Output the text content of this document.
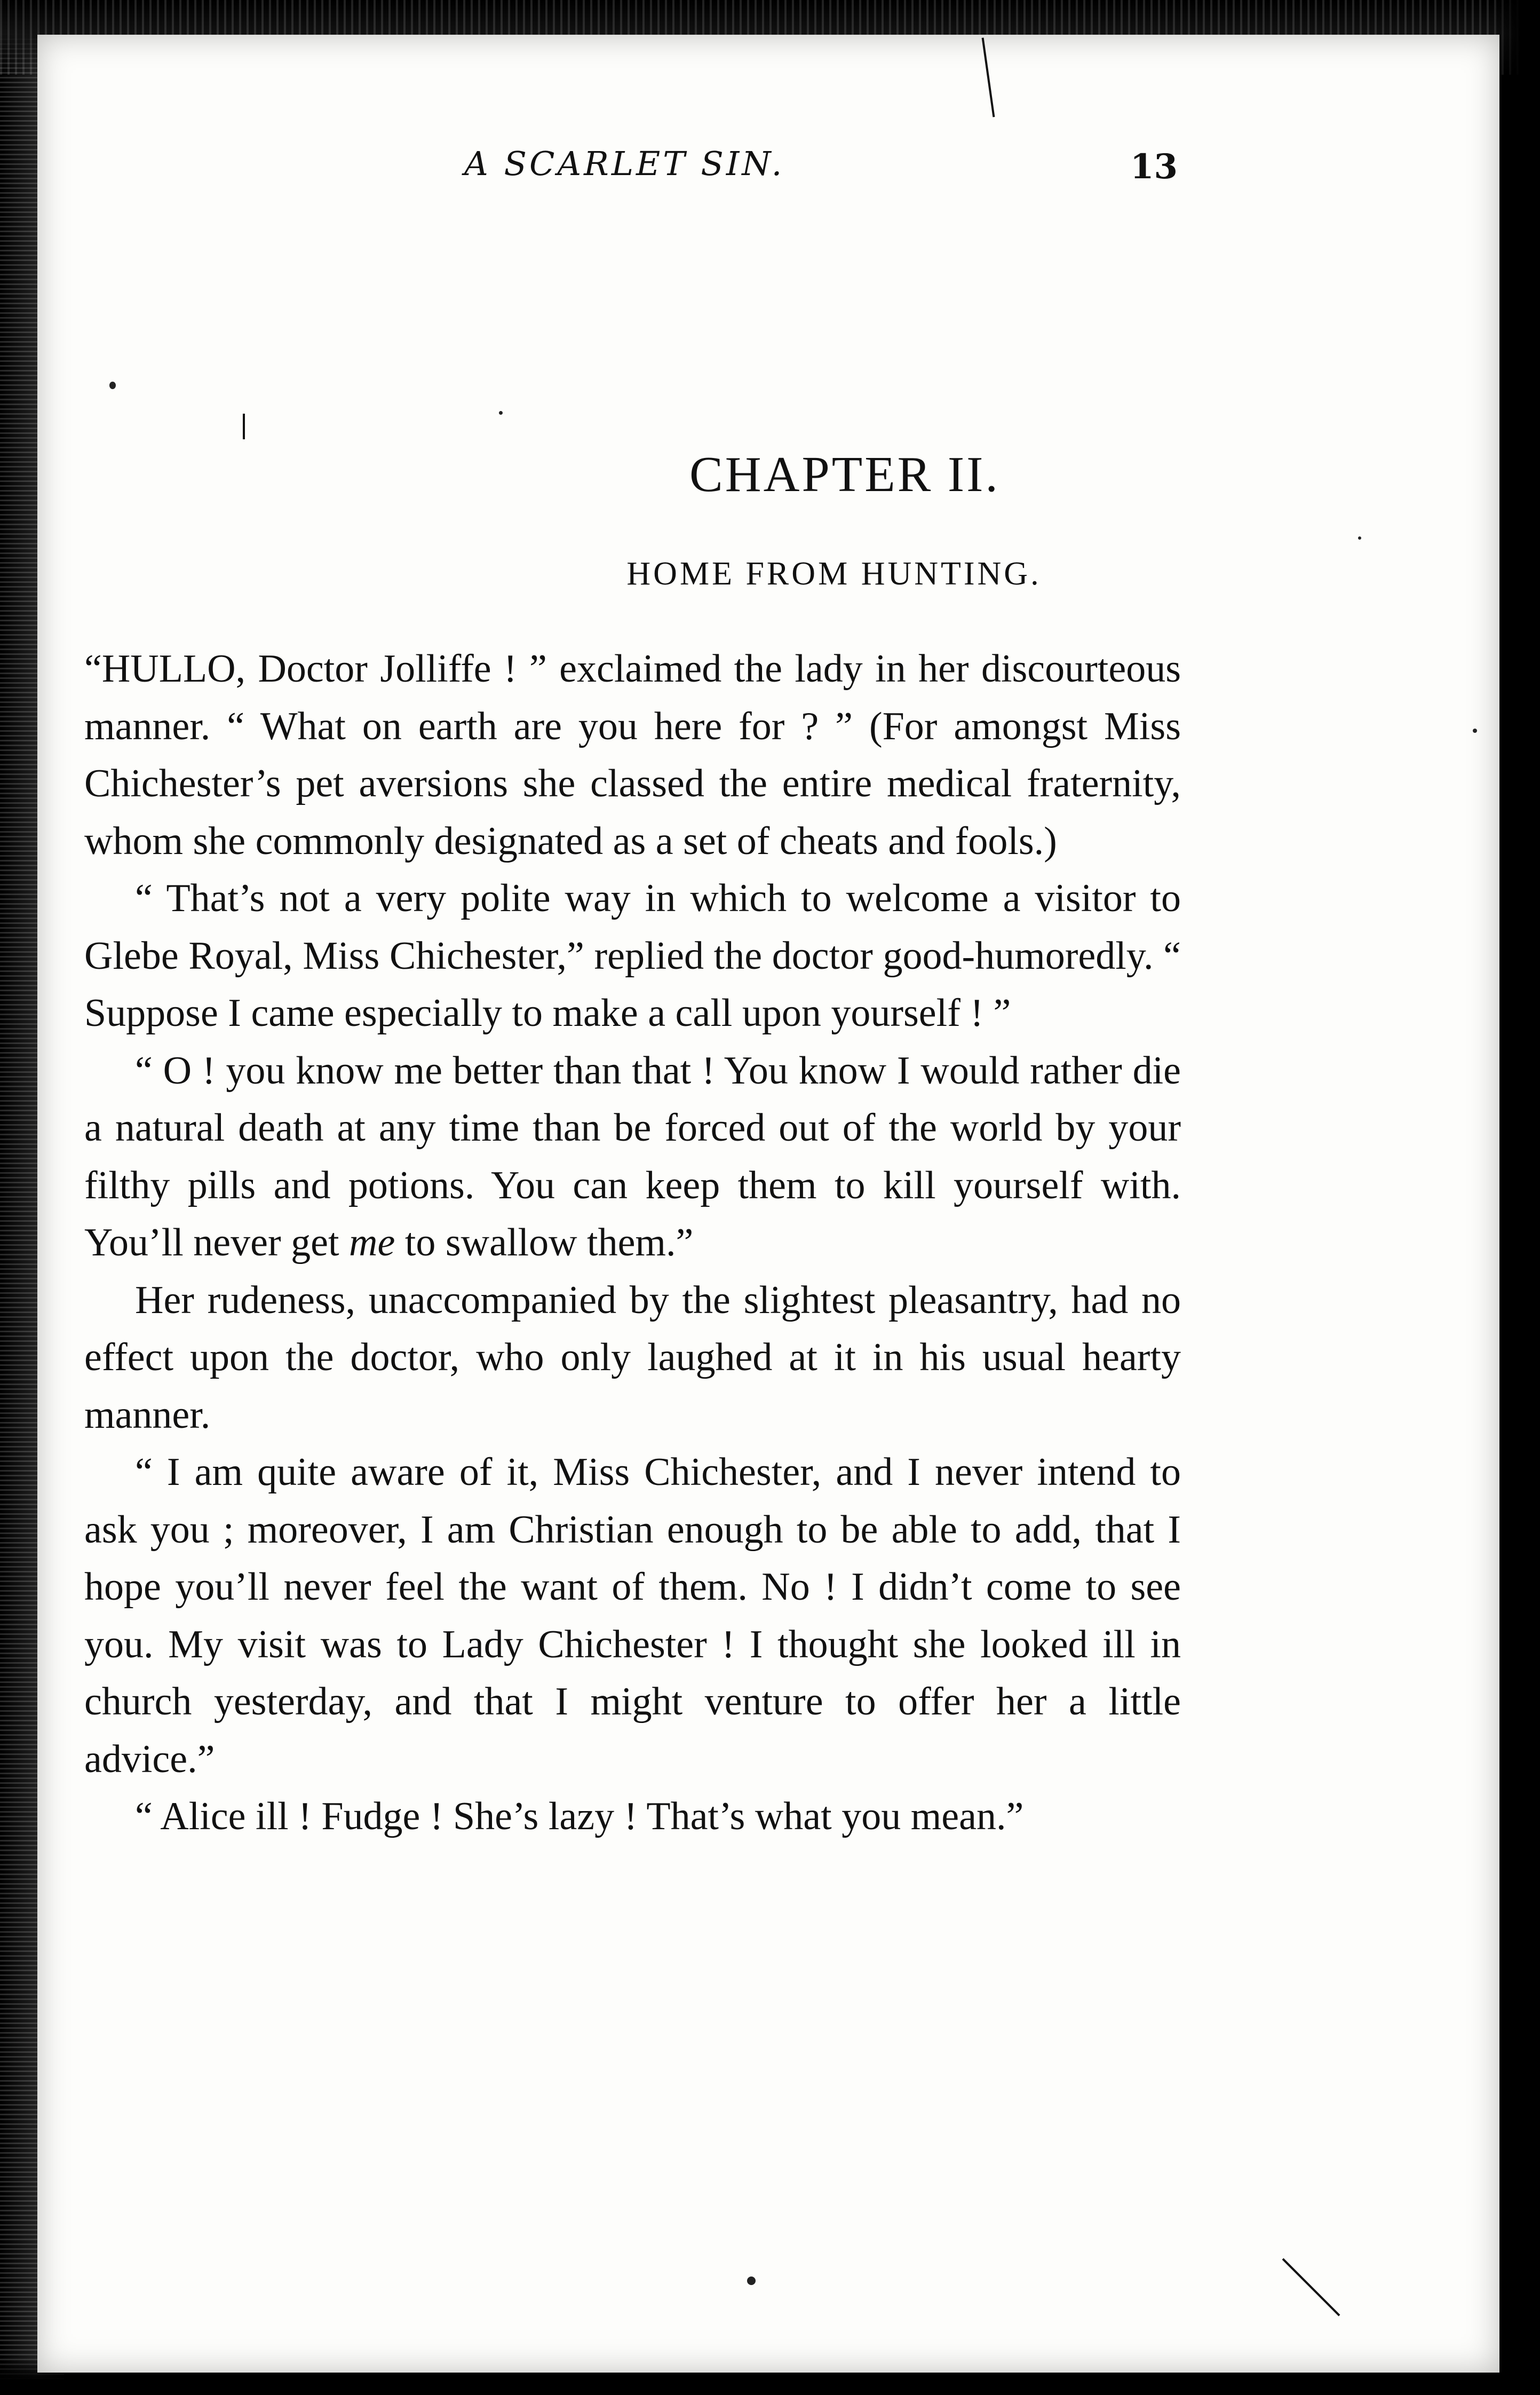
A SCARLET SIN.	13
CHAPTER II.
HOME FROM HUNTING.

“HULLO, Doctor Jolliffe ! ” exclaimed the lady in her discourteous manner. “ What on earth are you here for ? ” (For amongst Miss Chichester’s pet aversions she classed the entire medical fraternity, whom she commonly designated as a set of cheats and fools.)

“ That’s not a very polite way in which to welcome a visitor to Glebe Royal, Miss Chichester,” replied the doctor good-humoredly. “ Suppose I came especially to make a call upon yourself ! ”

“ O ! you know me better than that ! You know I would rather die a natural death at any time than be forced out of the world by your filthy pills and potions. You can keep them to kill yourself with. You’ll never get me to swallow them.”

Her rudeness, unaccompanied by the slightest pleasantry, had no effect upon the doctor, who only laughed at it in his usual hearty manner.

“ I am quite aware of it, Miss Chichester, and I never intend to ask you ; moreover, I am Christian enough to be able to add, that I hope you’ll never feel the want of them. No ! I didn’t come to see you. My visit was to Lady Chichester ! I thought she looked ill in church yesterday, and that I might venture to offer her a little advice.”

“ Alice ill ! Fudge ! She’s lazy ! That’s what you mean.”
